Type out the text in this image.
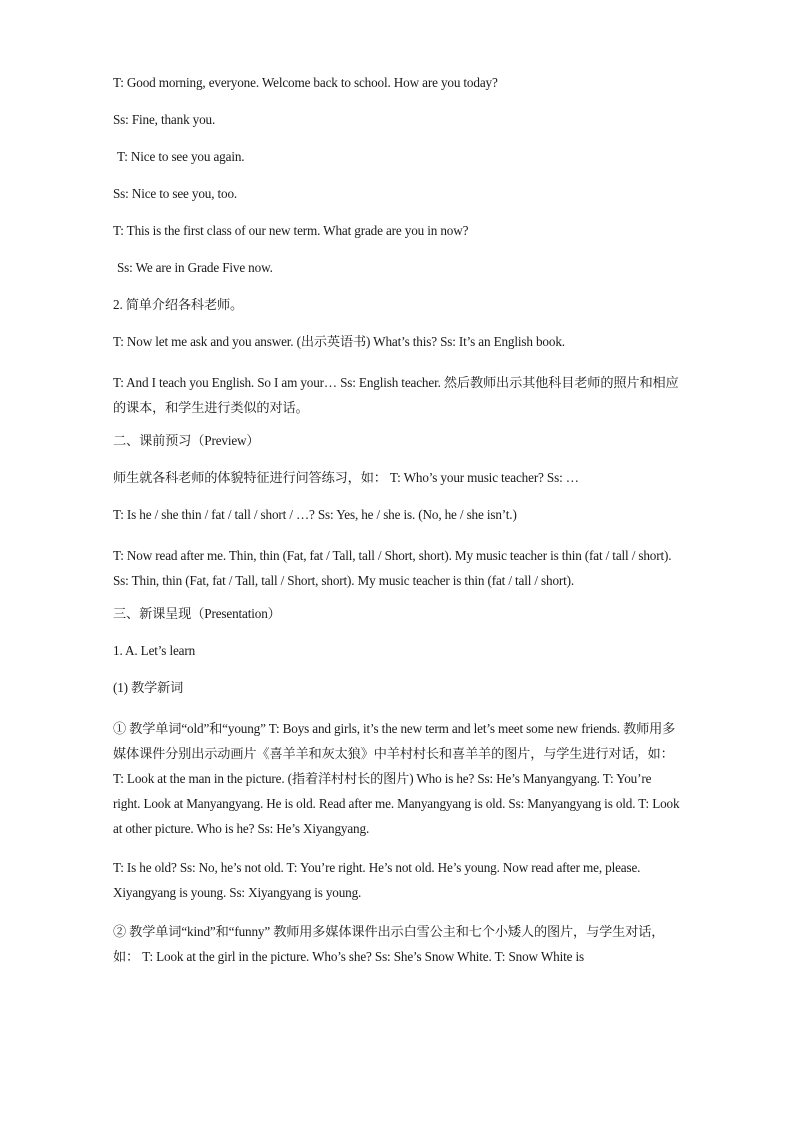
T: Good morning, everyone. Welcome back to school. How are you today?

Ss: Fine, thank you.

T: Nice to see you again.

Ss: Nice to see you, too.

T: This is the first class of our new term. What grade are you in now?

Ss: We are in Grade Five now.

2. 简单介绍各科老师。

T: Now let me ask and you answer. (出示英语书) What’s this? Ss: It’s an English book.

T: And I teach you English. So I am your… Ss: English teacher. 然后教师出示其他科目老师的照片和相应的课本，和学生进行类似的对话。

二、课前预习（Preview）

师生就各科老师的体貌特征进行问答练习，如： T: Who’s your music teacher? Ss: …

T: Is he / she thin / fat / tall / short / …? Ss: Yes, he / she is. (No, he / she isn’t.)

T: Now read after me. Thin, thin (Fat, fat / Tall, tall / Short, short). My music teacher is thin (fat / tall / short). Ss: Thin, thin (Fat, fat / Tall, tall / Short, short). My music teacher is thin (fat / tall / short).

三、新课呈现（Presentation）

1. A. Let’s learn

(1) 教学新词

① 教学单词“old”和“young” T: Boys and girls, it’s the new term and let’s meet some new friends. 教师用多媒体课件分别出示动画片《喜羊羊和灰太狼》中羊村村长和喜羊羊的图片，与学生进行对话，如： T: Look at the man in the picture. (指着洋村村长的图片) Who is he? Ss: He’s Manyangyang. T: You’re right. Look at Manyangyang. He is old. Read after me. Manyangyang is old. Ss: Manyangyang is old. T: Look at other picture. Who is he? Ss: He’s Xiyangyang.

T: Is he old? Ss: No, he’s not old. T: You’re right. He’s not old. He’s young. Now read after me, please. Xiyangyang is young. Ss: Xiyangyang is young.

② 教学单词“kind”和“funny” 教师用多媒体课件出示白雪公主和七个小矮人的图片，与学生对话，如： T: Look at the girl in the picture. Who’s she? Ss: She’s Snow White. T: Snow White is
